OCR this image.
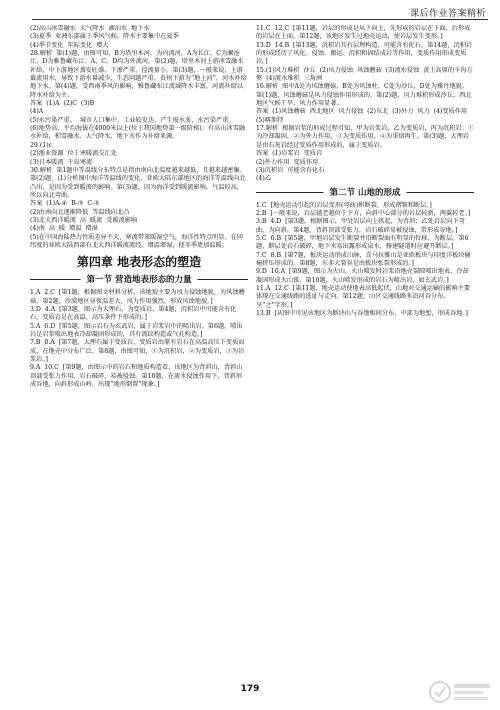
课后作业答案精析

(2)高山冰雪融水  大气降水  湖泊水  地下水

(3)夏季  亚洲东部属于季风气候，降水主要集中在夏季

(4)季节变化  年际变化  增大

28.解析  第(1)题，由图可知，B为塔里木河，为内流河，A为长江，C为澜沧江，D为雅鲁藏布江；A、C、D均为外流河。第(2)题，塔里木河上游冰雪融水补给，中下游地区蒸发旺盛、下渗严重，径流量小。第(3)题，一般来说，上游截流用水，导致下游水量减少，生态问题严重。贵州下游为“地上河”，河水补给地下水。第(4)题，受西南季风的影响，雅鲁藏布江流域降水丰富，河流补给以降水补给为主。

答案  (1)A  (2)C  (3)B

(4)A

(5)水污染严重。  城市人口集中、工业较发达，产生废水多，水污染严重。

(6)地势高，平均海拔在4000米以上(位于我国地势第一级阶梯)；有高山冰雪融水补给，积雪融水、大气降水、地下水作为补给来源。

29.(1)c

(2)渔业资源  位于寒暖流交汇处

(3)日本暖流  千岛寒流

30.解析  第1题中等温线分布特点是指由南向北温度越来越低，且越来越密集。第(2)题，(1)分析图中海洋等温线的变化，亚欧大陆东部地区的海洋等温线向北凸出，是因为受到暖流的影响。第(3)题，因为海洋受到暖流影响，气温较高，所以向北弯曲。

答案  (1)A-④  B-③  C-⑤

(2)由南向北逐渐降低  等温线向北凸

(3)北大西洋暖流  高  暖流  受暖流影响

(4)南  高  暖  增温  增湿

(5)在中国海陆热力性质差异不大，寒流带来暖湿空气，海洋性特点明显。在同纬度的亚欧大陆西部有北大西洋暖流流经，增温增湿，使冬季更加温暖。

第四章 地表形态的塑造
第一节 营造地表形态的力量

1.A  2.C  [第1题，根据图文材料分析，该地貌主要为风力侵蚀地貌，为风蚀蘑菇。第2题，沙漠地区昼夜温差大，风力作用强烈，形成风蚀地貌。]

3.D  4.A  [第3题，图示为大理石，为变质岩，第4题，沉积岩中可能含有化石，变质岩是在高温、高压条件下形成的。]

5.A  6.D  [第5题，图示岩石为玄武岩，属于岩浆岩中的喷出岩。第6题，喷出岩是岩浆喷出地表冷却凝固形成的，具有流纹构造或气孔构造。]

7.B  8.A  [第7题，大理石属于变质岩，变质岩由原有岩石在高温高压下变质而成，在地壳中分布广泛。第8题，由图可知，①为沉积岩，②为变质岩，③为岩浆岩。]

9.A  10.C  [第9题，由图示中的岩石和地质构造看，该地区为背斜山，背斜山顶部受张力作用，岩石破碎，易被侵蚀。第10题，在流水侵蚀作用下，背斜形成谷地，向斜形成山岭，出现“地形倒置”现象。]

11.C  12.C  [第11题，岩层的形成是从下向上，先形成的岩层在下面，后形成的岩层在上面。第12题，该地区发生过地壳运动，使岩层发生变形。]

13.D  14.B  [第13题，沉积岩具有层理构造，可能含有化石。第14题，沉积岩的形成经历了风化、侵蚀、搬运、沉积和固结成岩等作用，变质作用形成变质岩。]

15.(1)风力堆积  沙丘  (2)风力侵蚀  风蚀蘑菇  (3)流水侵蚀  黄土高原的千沟万壑  (4)流水堆积  三角洲

16.解析  图中A处为风蚀蘑菇，B处为风蚀柱，C处为沙丘，D处为雅丹地貌。第(1)题，风蚀蘑菇是风力侵蚀作用形成的。第(2)题，风力堆积形成沙丘，西北地区气候干旱，风力作用显著。

答案  (1)风蚀蘑菇  西北地区  风力侵蚀  (2)东北  (3)外力  风力  (4)变质作用  (5)喀斯特

17.解析  根据岩浆的形成过程可知，甲为岩浆岩，乙为变质岩，丙为沉积岩；①为冷却凝固，②为外力作用，③为变质作用，④为重熔再生。第(3)题，大理岩是由石灰岩经过变质作用形成的，属于变质岩。

答案  (1)岩浆岩  变质岩

(2)外力作用  变质作用

(3)沉积岩  可能含有化石

(4)乙

第二节 山地的形成

1.C  [地壳运动引起的岩层变形(弯曲)和断裂，形成褶皱和断层。]

2.B  [一般来说，岩层越老越位于下方，向斜中心部分的岩层较新，两翼较老。]

3.B  4.D  [第3题，根据图示，甲处岩层向上拱起，为背斜；乙处岩层向下弯曲，为向斜。第4题，背斜顶部受张力，岩石破碎易被侵蚀，常形成谷地。]

5.C  6.B  [第5题，甲地岩层发生断裂并沿断裂面有明显的位移，为断层。第6题，断层处岩石破碎，地下水易出露形成泉水，修建隧道时应避开断层。]

7.C  8.B  [第7题，板块运动形成山脉，喜马拉雅山是亚欧板块与印度洋板块碰撞挤压形成的。第8题，东非大裂谷是由板块张裂形成的。]

9.D  10.A  [第9题，图示为火山，火山喷发时岩浆沿地壳裂隙喷出地表，冷却凝固形成火山锥。第10题，火山喷发形成的岩石为喷出岩，如玄武岩。]

11.A  12.C  [第11题，地壳运动使地表高低起伏，山地对交通运输的影响主要体现在交通线路的选址与走向。第12题，山区交通线路多沿河谷分布，呈“之”字形。]

13.B  [从图中可见该地区为断块山与谷地相间分布，中部为地堑，形成谷地。]

179
